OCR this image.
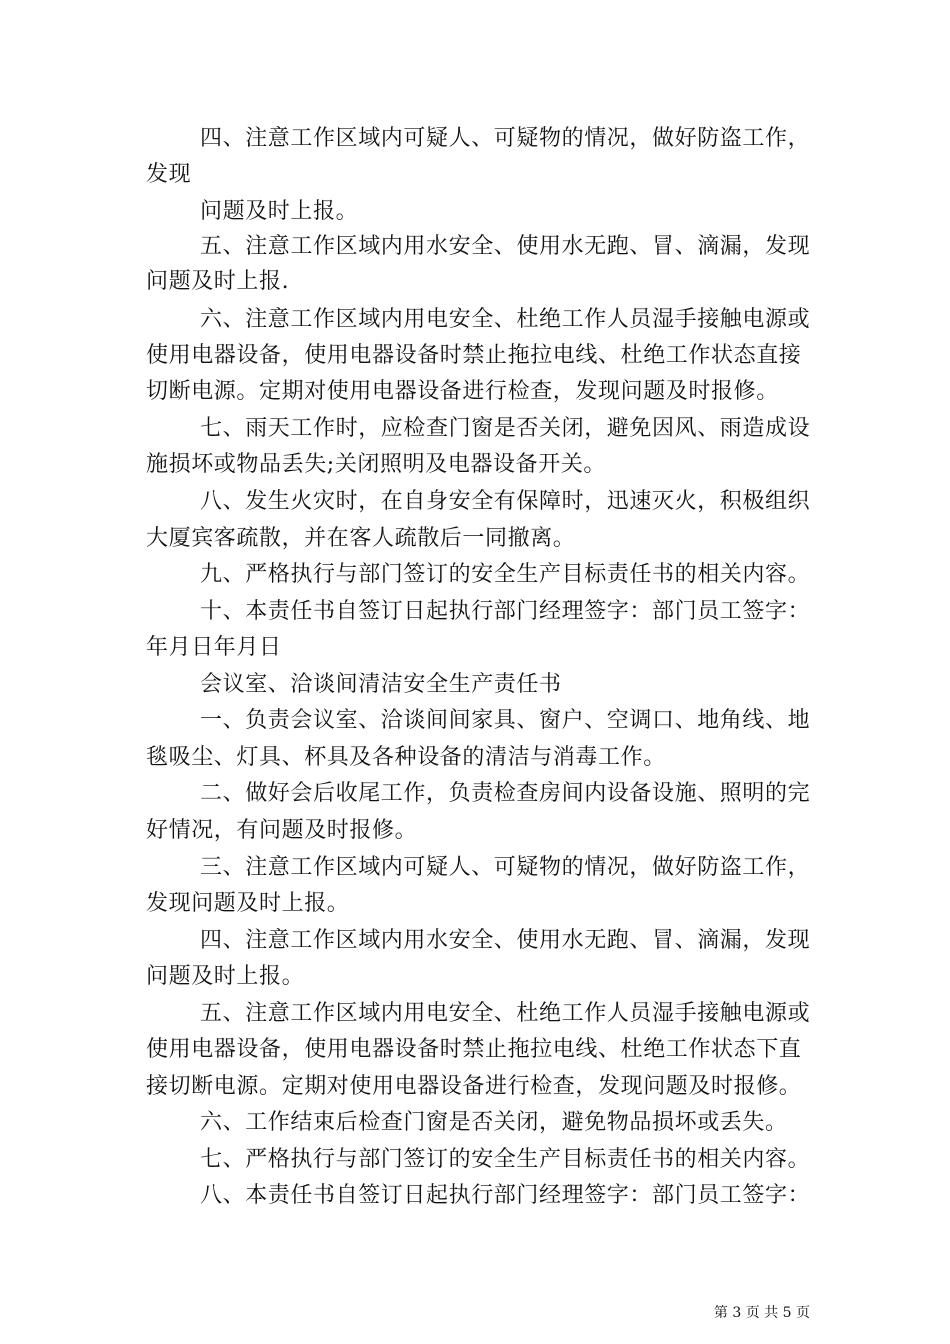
四、注意工作区域内可疑人、可疑物的情况，做好防盗工作，
发现
问题及时上报。
五、注意工作区域内用水安全、使用水无跑、冒、滴漏，发现
问题及时上报.
六、注意工作区域内用电安全、杜绝工作人员湿手接触电源或
使用电器设备，使用电器设备时禁止拖拉电线、杜绝工作状态直接
切断电源。定期对使用电器设备进行检查，发现问题及时报修。
七、雨天工作时，应检查门窗是否关闭，避免因风、雨造成设
施损坏或物品丢失;关闭照明及电器设备开关。
八、发生火灾时，在自身安全有保障时，迅速灭火，积极组织
大厦宾客疏散，并在客人疏散后一同撤离。
九、严格执行与部门签订的安全生产目标责任书的相关内容。
十、本责任书自签订日起执行部门经理签字：部门员工签字：
年月日年月日
会议室、洽谈间清洁安全生产责任书
一、负责会议室、洽谈间间家具、窗户、空调口、地角线、地
毯吸尘、灯具、杯具及各种设备的清洁与消毒工作。
二、做好会后收尾工作，负责检查房间内设备设施、照明的完
好情况，有问题及时报修。
三、注意工作区域内可疑人、可疑物的情况，做好防盗工作，
发现问题及时上报。
四、注意工作区域内用水安全、使用水无跑、冒、滴漏，发现
问题及时上报。
五、注意工作区域内用电安全、杜绝工作人员湿手接触电源或
使用电器设备，使用电器设备时禁止拖拉电线、杜绝工作状态下直
接切断电源。定期对使用电器设备进行检查，发现问题及时报修。
六、工作结束后检查门窗是否关闭，避免物品损坏或丢失。
七、严格执行与部门签订的安全生产目标责任书的相关内容。
八、本责任书自签订日起执行部门经理签字：部门员工签字：
第 3 页 共 5 页
